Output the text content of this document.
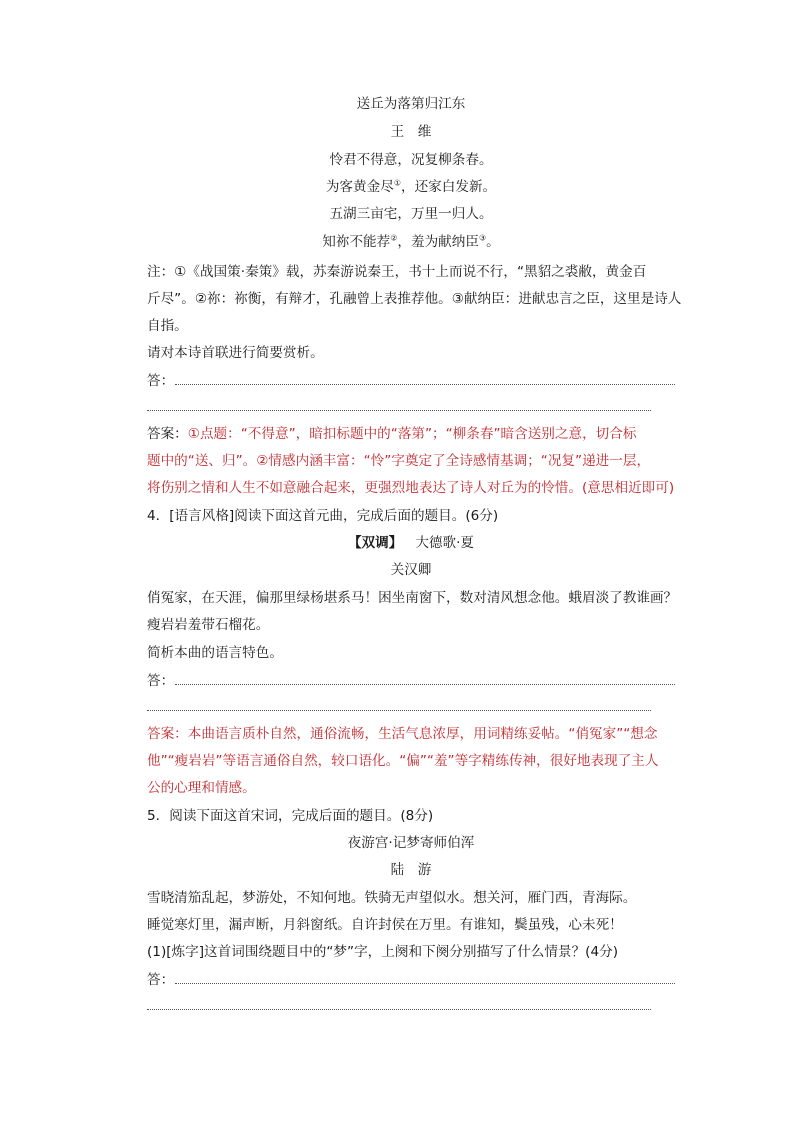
送丘为落第归江东
王　维
怜君不得意，况复柳条春。
为客黄金尽①，还家白发新。
五湖三亩宅，万里一归人。
知祢不能荐②，羞为献纳臣③。
注：①《战国策·秦策》载，苏秦游说秦王，书十上而说不行，“黑貂之裘敝，黄金百
斤尽”。②祢：祢衡，有辩才，孔融曾上表推荐他。③献纳臣：进献忠言之臣，这里是诗人
自指。
请对本诗首联进行简要赏析。
答：
答案：①点题：“不得意”，暗扣标题中的“落第”；“柳条春”暗含送别之意，切合标
题中的“送、归”。②情感内涵丰富：“怜”字奠定了全诗感情基调；“况复”递进一层，
将伤别之情和人生不如意融合起来，更强烈地表达了诗人对丘为的怜惜。(意思相近即可)
4．[语言风格]阅读下面这首元曲，完成后面的题目。(6分)
【双调】 大德歌·夏
关汉卿
俏冤家，在天涯，偏那里绿杨堪系马！困坐南窗下，数对清风想念他。蛾眉淡了教谁画？
瘦岩岩羞带石榴花。
简析本曲的语言特色。
答：
答案：本曲语言质朴自然，通俗流畅，生活气息浓厚，用词精练妥帖。“俏冤家”“想念
他”“瘦岩岩”等语言通俗自然，较口语化。“偏”“羞”等字精练传神，很好地表现了主人
公的心理和情感。
5．阅读下面这首宋词，完成后面的题目。(8分)
夜游宫·记梦寄师伯浑
陆　游
雪晓清笳乱起，梦游处，不知何地。铁骑无声望似水。想关河，雁门西，青海际。
睡觉寒灯里，漏声断，月斜窗纸。自许封侯在万里。有谁知，鬓虽残，心未死！
(1)[炼字]这首词围绕题目中的“梦”字，上阕和下阕分别描写了什么情景？(4分)
答：
